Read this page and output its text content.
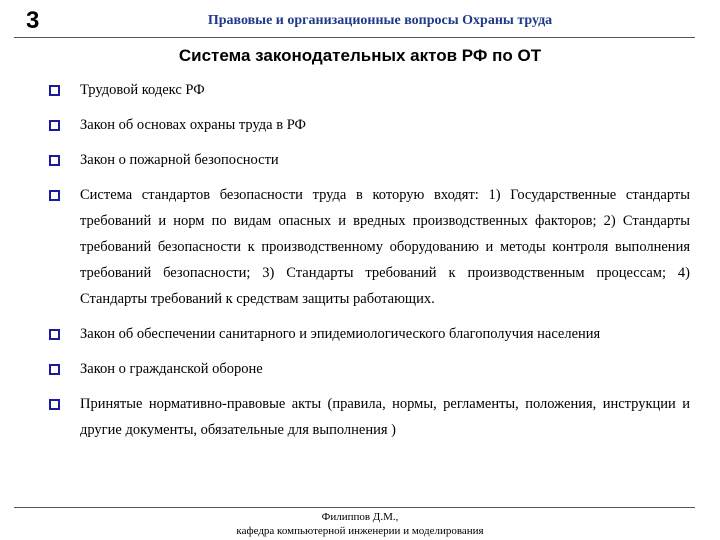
3	Правовые и организационные вопросы Охраны труда
Система законодательных актов РФ по ОТ
Трудовой кодекс РФ
Закон об основах охраны труда в РФ
Закон о пожарной безопосности
Система стандартов безопасности труда в которую входят: 1) Государственные стандарты требований и норм по видам опасных и вредных производственных факторов; 2) Стандарты требований безопасности к производственному оборудованию и методы контроля выполнения требований безопасности; 3) Стандарты требований к производственным процессам; 4) Стандарты требований к средствам защиты работающих.
Закон об обеспечении санитарного и эпидемиологического благополучия населения
Закон о гражданской обороне
Принятые нормативно-правовые акты (правила, нормы, регламенты, положения, инструкции и другие документы, обязательные для выполнения )
Филиппов Д.М.,
кафедра компьютерной инженерии и моделирования
